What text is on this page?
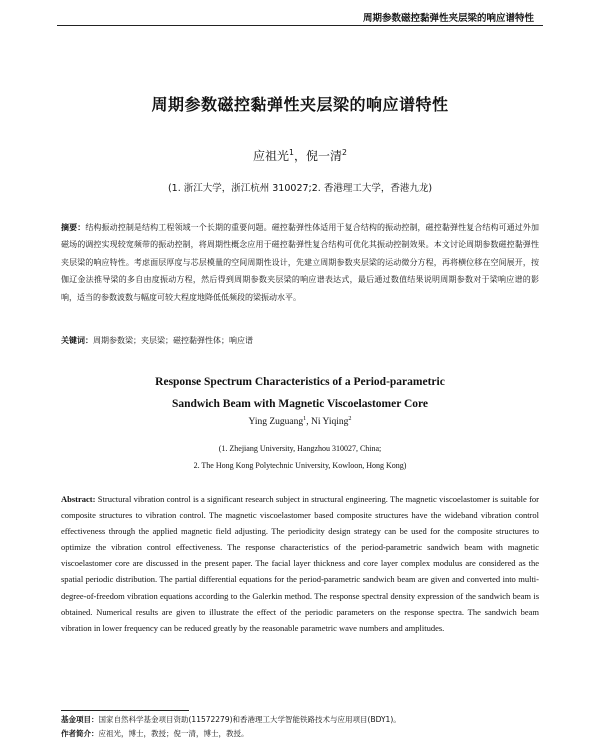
周期参数磁控黏弹性夹层梁的响应谱特性
周期参数磁控黏弹性夹层梁的响应谱特性
应祖光$^1$，倪一清$^2$
(1. 浙江大学，浙江杭州 310027;2. 香港理工大学，香港九龙)
摘要：结构振动控制是结构工程领域一个长期的重要问题。磁控黏弹性体适用于复合结构的振动控制，磁控黏弹性复合结构可通过外加磁场的调控实现较宽频带的振动控制，将周期性概念应用于磁控黏弹性复合结构可优化其振动控制效果。本文讨论周期参数磁控黏弹性夹层梁的响应特性。考虑面层厚度与芯层模量的空间周期性设计，先建立周期参数夹层梁的运动微分方程，再将横位移在空间展开，按伽辽金法推导梁的多自由度振动方程，然后得到周期参数夹层梁的响应谱表达式，最后通过数值结果说明周期参数对于梁响应谱的影响，适当的参数波数与幅度可较大程度地降低低频段的梁振动水平。
关键词：周期参数梁；夹层梁；磁控黏弹性体；响应谱
Response Spectrum Characteristics of a Period-parametric
Sandwich Beam with Magnetic Viscoelastomer Core
Ying Zuguang$^1$, Ni Yiqing$^2$
(1. Zhejiang University, Hangzhou 310027, China;
2. The Hong Kong Polytechnic University, Kowloon, Hong Kong)
Abstract: Structural vibration control is a significant research subject in structural engineering. The magnetic viscoelastomer is suitable for composite structures to vibration control. The magnetic viscoelastomer based composite structures have the wideband vibration control effectiveness through the applied magnetic field adjusting. The periodicity design strategy can be used for the composite structures to optimize the vibration control effectiveness. The response characteristics of the period-parametric sandwich beam with magnetic viscoelastomer core are discussed in the present paper. The facial layer thickness and core layer complex modulus are considered as the spatial periodic distribution. The partial differential equations for the period-parametric sandwich beam are given and converted into multi-degree-of-freedom vibration equations according to the Galerkin method. The response spectral density expression of the sandwich beam is obtained. Numerical results are given to illustrate the effect of the periodic parameters on the response spectra. The sandwich beam vibration in lower frequency can be reduced greatly by the reasonable parametric wave numbers and amplitudes.
基金项目：国家自然科学基金项目资助(11572279)和香港理工大学智能铁路技术与应用项目(BDY1)。
作者简介：应祖光，博士，教授；倪一清，博士，教授。
